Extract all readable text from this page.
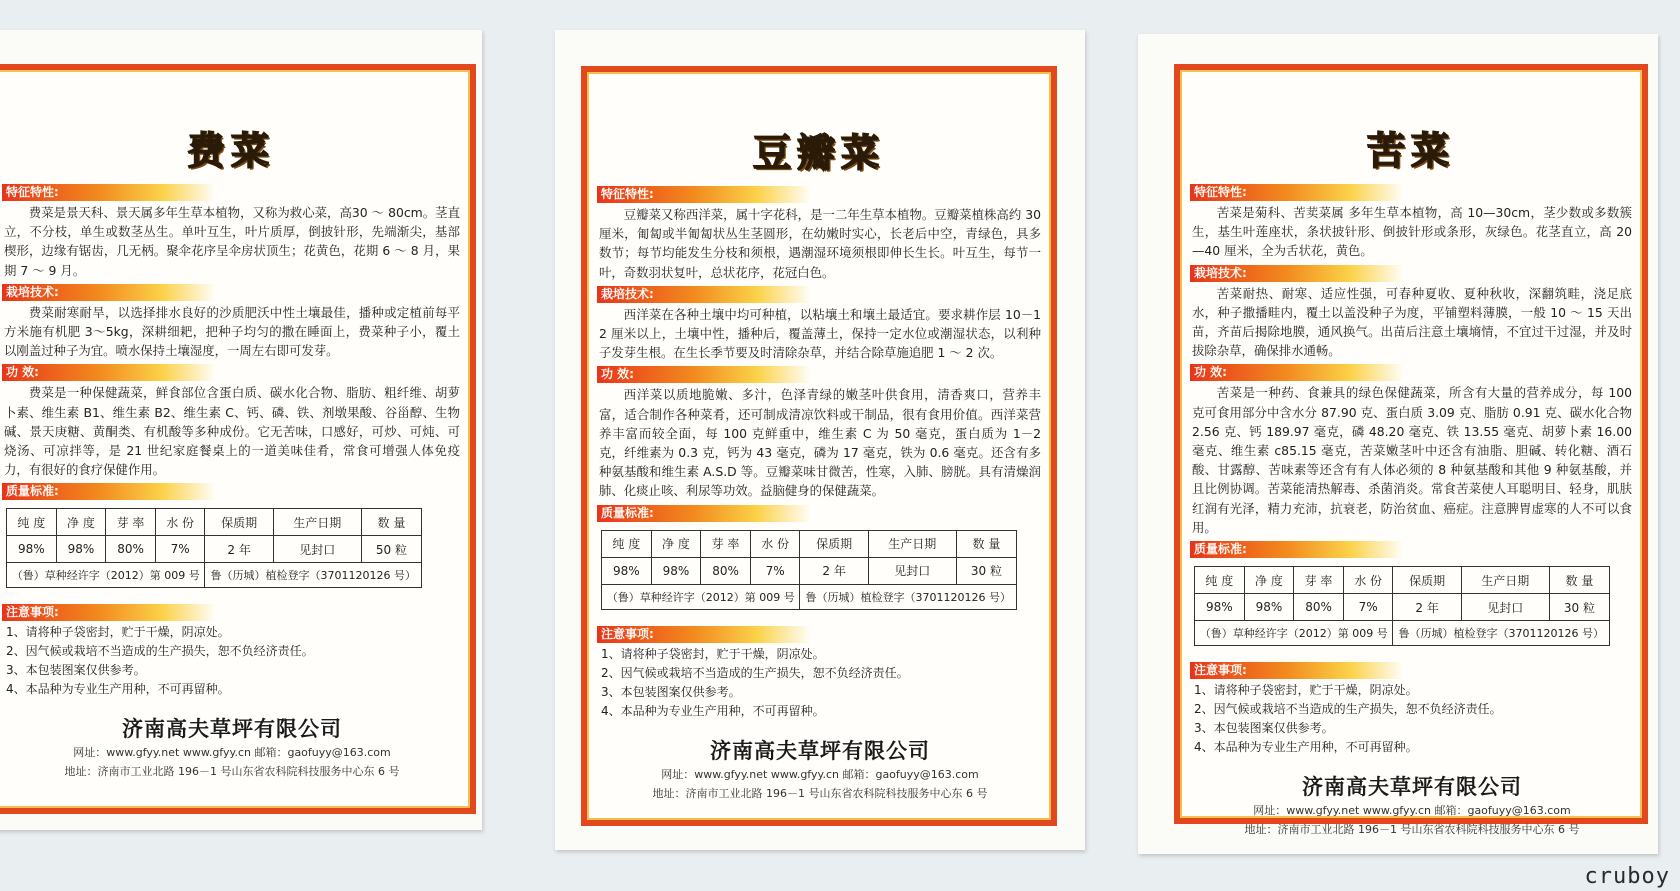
费菜
特征特性:

费菜是景天科、景天属多年生草本植物，又称为救心菜，高30 ～ 80cm。茎直立，不分枝，单生或数茎丛生。单叶互生，叶片质厚，倒披针形，先端渐尖，基部楔形，边缘有锯齿，几无柄。聚伞花序呈伞房状顶生；花黄色，花期 6 ～ 8 月，果期 7 ～ 9 月。

栽培技术:

费菜耐寒耐旱，以选择排水良好的沙质肥沃中性土壤最佳，播种或定植前每平方米施有机肥 3～5kg，深耕细耙，把种子均匀的撒在睡面上，费菜种子小，覆土以刚盖过种子为宜。喷水保持土壤湿度，一周左右即可发芽。

功 效:

费菜是一种保健蔬菜，鲜食部位含蛋白质、碳水化合物、脂肪、粗纤维、胡萝卜素、维生素 B1、维生素 B2、维生素 C、钙、磷、铁、剂墩果酸、谷甾醇、生物碱、景天庚糖、黄酮类、有机酸等多种成份。它无苦味，口感好，可炒、可炖、可烧汤、可凉拌等，是 21 世纪家庭餐桌上的一道美味佳肴，常食可增强人体免疫力，有很好的食疗保健作用。

质量标准:
纯 度	净 度	芽 率	水 份	保质期	生产日期	数 量
98%	98%	80%	7%	2 年	见封口	50 粒
（鲁）草种经许字（2012）第 009 号				鲁（历城）植检登字（3701120126 号）		
注意事项:
1、请将种子袋密封，贮于干燥，阴凉处。
2、因气候或栽培不当造成的生产损失，恕不负经济责任。
3、本包装图案仅供参考。
4、本品种为专业生产用种，不可再留种。
济南高夫草坪有限公司
网址：www.gfyy.net www.gfyy.cn 邮箱：gaofuyy@163.com
地址：济南市工业北路 196－1 号山东省农科院科技服务中心东 6 号
豆瓣菜
特征特性:

豆瓣菜又称西洋菜，属十字花科，是一二年生草本植物。豆瓣菜植株高约 30 厘米，匍匐或半匍匐状丛生茎圆形，在幼嫩时实心，长老后中空，青绿色，具多数节；每节均能发生分枝和须根，遇潮湿环境须根即伸长生长。叶互生，每节一叶，奇数羽状复叶，总状花序，花冠白色。

栽培技术:

西洋菜在各种土壤中均可种植，以粘壤土和壤土最适宜。要求耕作层 10－12 厘米以上，土壤中性，播种后，覆盖薄土，保持一定水位或潮湿状态，以利种子发芽生根。在生长季节要及时清除杂草，并结合除草施追肥 1 ～ 2 次。

功 效:

西洋菜以质地脆嫩、多汁，色泽青绿的嫩茎叶供食用，清香爽口，营养丰富，适合制作各种菜肴，还可制成清凉饮料或干制品，很有食用价值。西洋菜营养丰富而较全面，每 100 克鲜重中，维生素 C 为 50 毫克，蛋白质为 1－2 克，纤维素为 0.3 克，钙为 43 毫克，磷为 17 毫克，铁为 0.6 毫克。还含有多种氨基酸和维生素 A.S.D 等。豆瓣菜味甘微苦，性寒，入肺、膀胱。具有清燥润肺、化痰止咳、利尿等功效。益脑健身的保健蔬菜。

质量标准:
纯 度	净 度	芽 率	水 份	保质期	生产日期	数 量
98%	98%	80%	7%	2 年	见封口	30 粒
（鲁）草种经许字（2012）第 009 号				鲁（历城）植检登字（3701120126 号）		
注意事项:
1、请将种子袋密封，贮于干燥，阴凉处。
2、因气候或栽培不当造成的生产损失，恕不负经济责任。
3、本包装图案仅供参考。
4、本品种为专业生产用种，不可再留种。
济南高夫草坪有限公司
网址：www.gfyy.net www.gfyy.cn 邮箱：gaofuyy@163.com
地址：济南市工业北路 196－1 号山东省农科院科技服务中心东 6 号
苦菜
特征特性:

苦菜是菊科、苦荬菜属 多年生草本植物，高 10—30cm，茎少数或多数簇生，基生叶莲座状，条状披针形、倒披针形或条形，灰绿色。花茎直立，高 20—40 厘米，全为舌状花，黄色。

栽培技术:

苦菜耐热、耐寒、适应性强，可春种夏收、夏种秋收，深翻筑畦，浇足底水，种子撒播畦内，覆土以盖没种子为度，平铺塑料薄膜，一般 10 ～ 15 天出苗，齐苗后揭除地膜，通风换气。出苗后注意土壤墒情，不宜过干过湿，并及时拔除杂草，确保排水通畅。

功 效:

苦菜是一种药、食兼具的绿色保健蔬菜，所含有大量的营养成分，每 100 克可食用部分中含水分 87.90 克、蛋白质 3.09 克、脂肪 0.91 克、碳水化合物 2.56 克、钙 189.97 毫克，磷 48.20 毫克、铁 13.55 毫克、胡萝卜素 16.00 毫克、维生素 c85.15 毫克，苦菜嫩茎叶中还含有油脂、胆碱、转化糖、酒石酸、甘露醇、苦味素等还含有有人体必须的 8 种氨基酸和其他 9 种氨基酸，并且比例协调。苦菜能清热解毒、杀菌消炎。常食苦菜使人耳聪明目、轻身，肌肤红润有光泽，精力充沛，抗衰老，防治贫血、癌症。注意脾胃虚寒的人不可以食用。

质量标准:
纯 度	净 度	芽 率	水 份	保质期	生产日期	数 量
98%	98%	80%	7%	2 年	见封口	30 粒
（鲁）草种经许字（2012）第 009 号				鲁（历城）植检登字（3701120126 号）		
注意事项:
1、请将种子袋密封，贮于干燥，阴凉处。
2、因气候或栽培不当造成的生产损失，恕不负经济责任。
3、本包装图案仅供参考。
4、本品种为专业生产用种，不可再留种。
济南高夫草坪有限公司
网址：www.gfyy.net www.gfyy.cn 邮箱：gaofuyy@163.com
地址：济南市工业北路 196－1 号山东省农科院科技服务中心东 6 号
cruboy
